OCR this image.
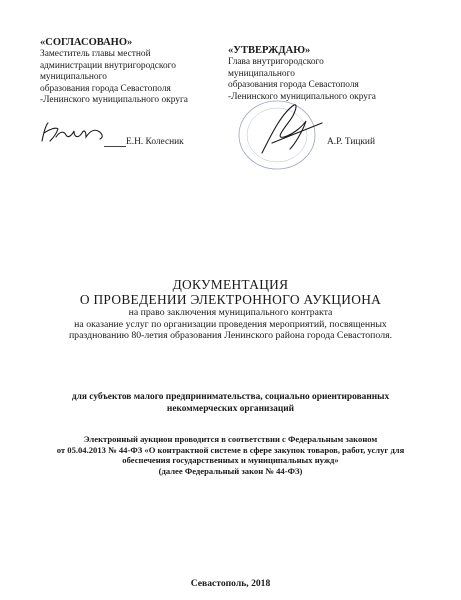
«СОГЛАСОВАНО»
Заместитель главы местной
администрации внутригородского
муниципального
образования города Севастополя
-Ленинского муниципального округа
Е.Н. Колесник
«УТВЕРЖДАЮ»
Глава внутригородского
муниципального
образования города Севастополя
-Ленинского муниципального округа
А.Р. Тицкий
ДОКУМЕНТАЦИЯ
О ПРОВЕДЕНИИ ЭЛЕКТРОННОГО АУКЦИОНА
на право заключения муниципального контракта
на оказание услуг по организации проведения мероприятий, посвященных
празднованию 80-летия образования Ленинского района города Севастополя.
для субъектов малого предпринимательства, социально ориентированных
некоммерческих организаций
Электронный аукцион проводится в соответствии с Федеральным законом
от 05.04.2013 № 44-ФЗ «О контрактной системе в сфере закупок товаров, работ, услуг для
обеспечения государственных и муниципальных нужд»
(далее Федеральный закон № 44-ФЗ)
Севастополь, 2018
